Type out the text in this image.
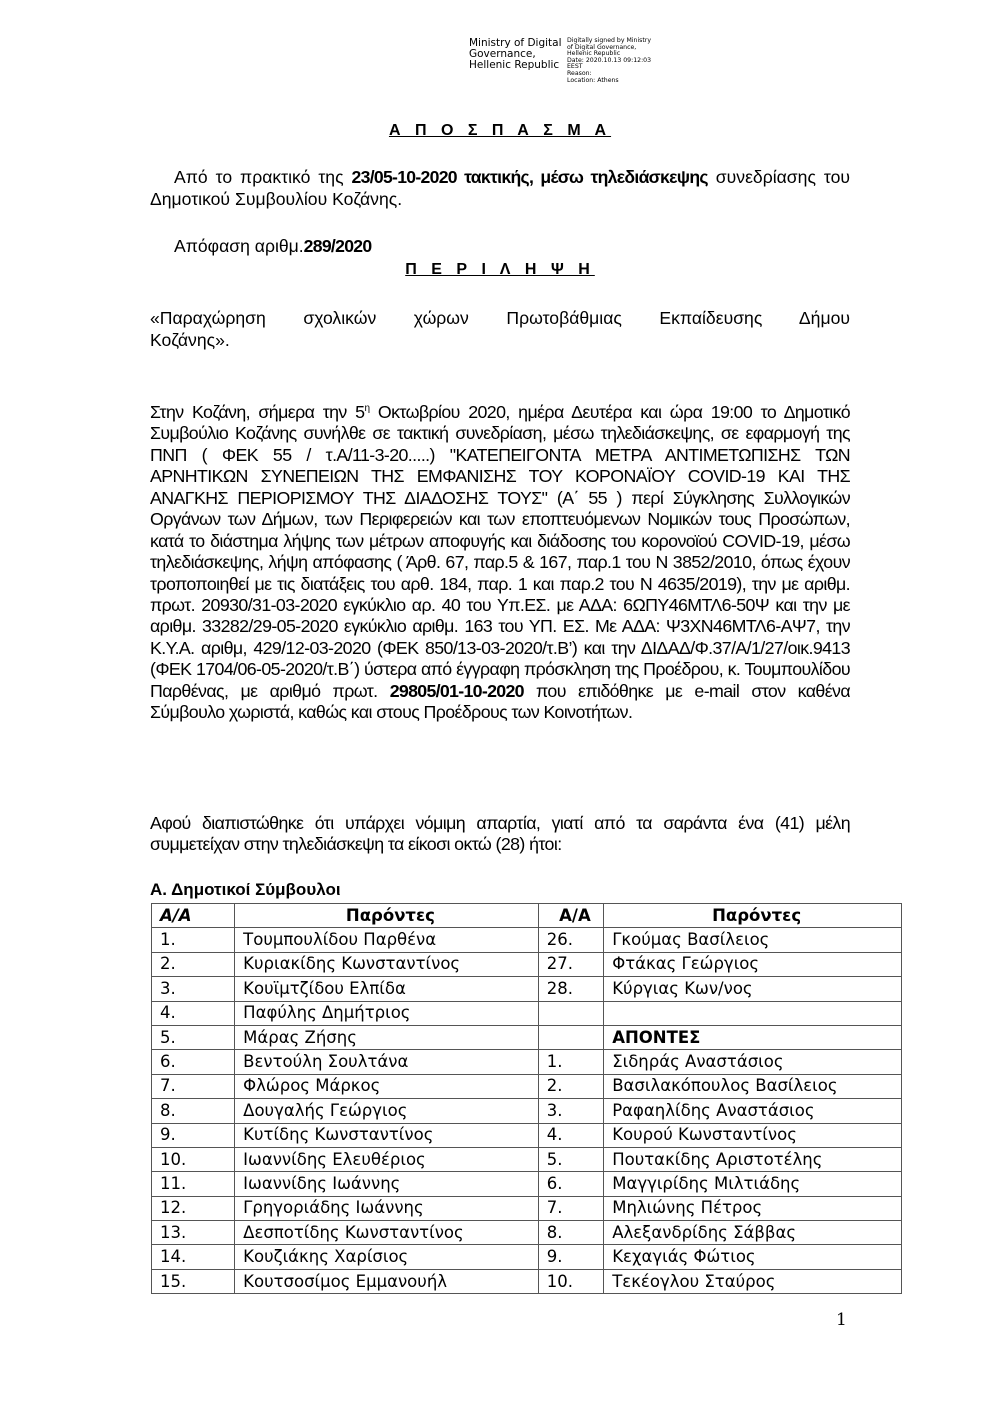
Ministry of Digital
Governance,
Hellenic Republic
Digitally signed by Ministry
of Digital Governance,
Hellenic Republic
Date: 2020.10.13 09:12:03
EEST
Reason:
Location: Athens
Α Π Ο Σ Π Α Σ Μ Α
Από το πρακτικό της 23/05-10-2020 τακτικής, μέσω τηλεδιάσκεψης συνεδρίασης του Δημοτικού Συμβουλίου Κοζάνης.
Απόφαση αριθμ.289/2020
Π Ε Ρ Ι Λ Η Ψ Η
«Παραχώρηση σχολικών χώρων Πρωτοβάθμιας Εκπαίδευσης Δήμου Κοζάνης».
Στην Κοζάνη, σήμερα την $5^\eta$ Οκτωβρίου 2020, ημέρα Δευτέρα και ώρα 19:00 το Δημοτικό Συμβούλιο Κοζάνης συνήλθε σε τακτική συνεδρίαση, μέσω τηλεδιάσκεψης, σε εφαρμογή της ΠΝΠ ( ΦΕΚ 55 / τ.Α/11-3-20.....) "ΚΑΤΕΠΕΙΓΟΝΤΑ ΜΕΤΡΑ ΑΝΤΙΜΕΤΩΠΙΣΗΣ ΤΩΝ ΑΡΝΗΤΙΚΩΝ ΣΥΝΕΠΕΙΩΝ ΤΗΣ ΕΜΦΑΝΙΣΗΣ ΤΟΥ ΚΟΡΟΝΑΪΟΥ COVID-19 ΚΑΙ ΤΗΣ ΑΝΑΓΚΗΣ ΠΕΡΙΟΡΙΣΜΟΥ ΤΗΣ ΔΙΑΔΟΣΗΣ ΤΟΥΣ" (Α΄ 55 ) περί Σύγκλησης Συλλογικών Οργάνων των Δήμων, των Περιφερειών και των εποπτευόμενων Νομικών τους Προσώπων, κατά το διάστημα λήψης των μέτρων αποφυγής και διάδοσης του κορονοϊού COVID-19, μέσω τηλεδιάσκεψης, λήψη απόφασης ( Άρθ. 67, παρ.5 & 167, παρ.1 του Ν 3852/2010, όπως έχουν τροποποιηθεί με τις διατάξεις του αρθ. 184, παρ. 1 και παρ.2 του Ν 4635/2019), την με αριθμ. πρωτ. 20930/31-03-2020 εγκύκλιο αρ. 40 του Υπ.ΕΣ. με ΑΔΑ: 6ΩΠΥ46ΜΤΛ6-50Ψ και την με αριθμ. 33282/29-05-2020 εγκύκλιο αριθμ. 163 του ΥΠ. ΕΣ. Με ΑΔΑ: Ψ3ΧΝ46ΜΤΛ6-ΑΨ7, την Κ.Υ.Α. αριθμ, 429/12-03-2020 (ΦΕΚ 850/13-03-2020/τ.Β’) και την ΔΙΔΑΔ/Φ.37/Α/1/27/οικ.9413 (ΦΕΚ 1704/06-05-2020/τ.Β΄) ύστερα από έγγραφη πρόσκληση της Προέδρου, κ. Τουμπουλίδου Παρθένας, με αριθμό πρωτ. 29805/01-10-2020 που επιδόθηκε με e-mail στον καθένα Σύμβουλο χωριστά, καθώς και στους Προέδρους των Κοινοτήτων.
Αφού διαπιστώθηκε ότι υπάρχει νόμιμη απαρτία, γιατί από τα σαράντα ένα (41) μέλη συμμετείχαν στην τηλεδιάσκεψη τα είκοσι οκτώ (28) ήτοι:
Α. Δημοτικοί Σύμβουλοι
Α/Α	Παρόντες	Α/Α	Παρόντες
1.	Τουμπουλίδου Παρθένα	26.	Γκούμας Βασίλειος
2.	Κυριακίδης Κωνσταντίνος	27.	Φτάκας Γεώργιος
3.	Κουϊμτζίδου Ελπίδα	28.	Κύργιας Κων/νος
4.	Παφύλης Δημήτριος		
5.	Μάρας Ζήσης		ΑΠΟΝΤΕΣ
6.	Βεντούλη Σουλτάνα	1.	Σιδηράς Αναστάσιος
7.	Φλώρος Μάρκος	2.	Βασιλακόπουλος Βασίλειος
8.	Δουγαλής Γεώργιος	3.	Ραφαηλίδης Αναστάσιος
9.	Κυτίδης Κωνσταντίνος	4.	Κουρού Κωνσταντίνος
10.	Ιωαννίδης Ελευθέριος	5.	Πουτακίδης Αριστοτέλης
11.	Ιωαννίδης Ιωάννης	6.	Μαγγιρίδης Μιλτιάδης
12.	Γρηγοριάδης Ιωάννης	7.	Μηλιώνης Πέτρος
13.	Δεσποτίδης Κωνσταντίνος	8.	Αλεξανδρίδης Σάββας
14.	Κουζιάκης Χαρίσιος	9.	Κεχαγιάς Φώτιος
15.	Κουτσοσίμος Εμμανουήλ	10.	Τεκέογλου Σταύρος
1
